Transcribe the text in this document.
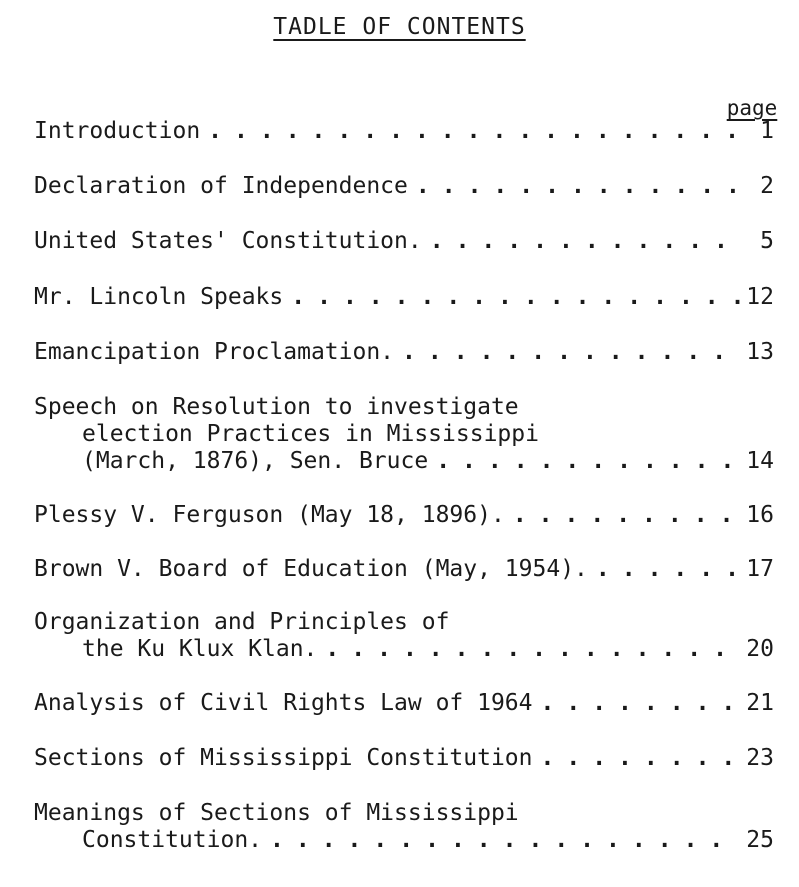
TADLE OF CONTENTS
page
Introduction .....	1
Declaration of Independence .....	2
United States' Constitution. .....	5
Mr. Lincoln Speaks .....	12
Emancipation Proclamation. .....	13
Speech on Resolution to investigate
election Practices in Mississippi
(March, 1876), Sen. Bruce .....	14
Plessy V. Ferguson (May 18, 1896). .....	16
Brown V. Board of Education (May, 1954). .....	17
Organization and Principles of
the Ku Klux Klan. .....	20
Analysis of Civil Rights Law of 1964 .....	21
Sections of Mississippi Constitution .....	23
Meanings of Sections of Mississippi
Constitution. .....	25
